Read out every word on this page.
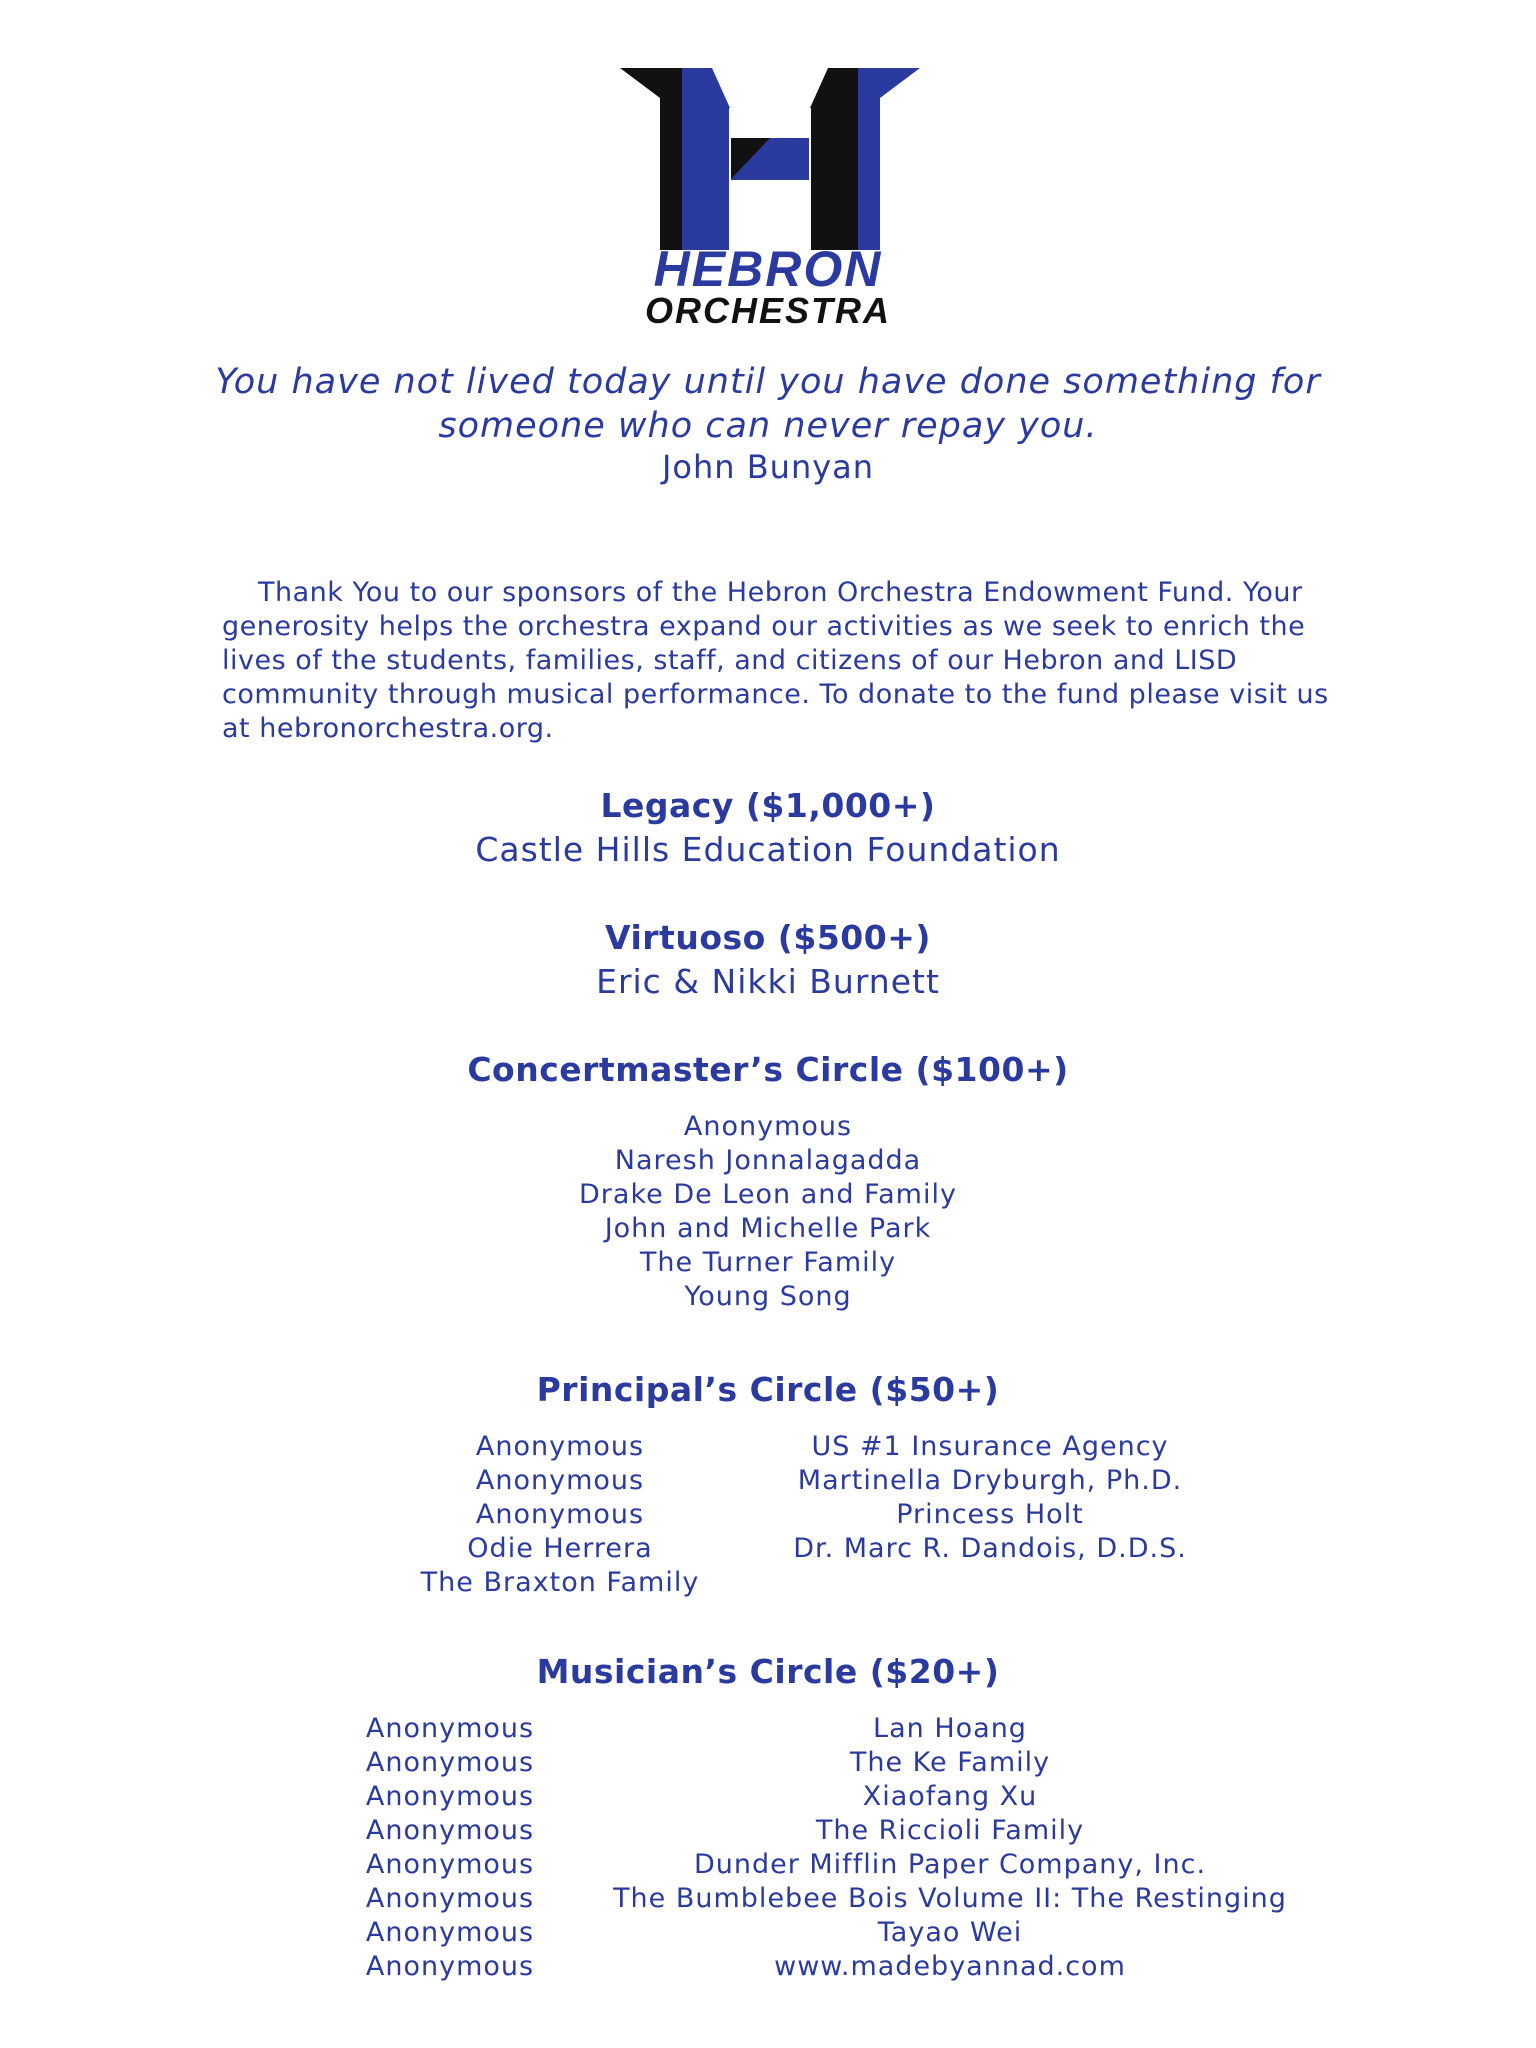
HEBRON
ORCHESTRA
You have not lived today until you have done something for
someone who can never repay you.
John Bunyan
Thank You to our sponsors of the Hebron Orchestra Endowment Fund. Your
generosity helps the orchestra expand our activities as we seek to enrich the
lives of the students, families, staff, and citizens of our Hebron and LISD
community through musical performance. To donate to the fund please visit us
at hebronorchestra.org.
Legacy ($1,000+)
Castle Hills Education Foundation
Virtuoso ($500+)
Eric & Nikki Burnett
Concertmaster’s Circle ($100+)
Anonymous
Naresh Jonnalagadda
Drake De Leon and Family
John and Michelle Park
The Turner Family
Young Song
Principal’s Circle ($50+)
Anonymous
Anonymous
Anonymous
Odie Herrera
The Braxton Family
US #1 Insurance Agency
Martinella Dryburgh, Ph.D.
Princess Holt
Dr. Marc R. Dandois, D.D.S.
Musician’s Circle ($20+)
Anonymous
Anonymous
Anonymous
Anonymous
Anonymous
Anonymous
Anonymous
Anonymous
Lan Hoang
The Ke Family
Xiaofang Xu
The Riccioli Family
Dunder Mifflin Paper Company, Inc.
The Bumblebee Bois Volume II: The Restinging
Tayao Wei
www.madebyannad.com
